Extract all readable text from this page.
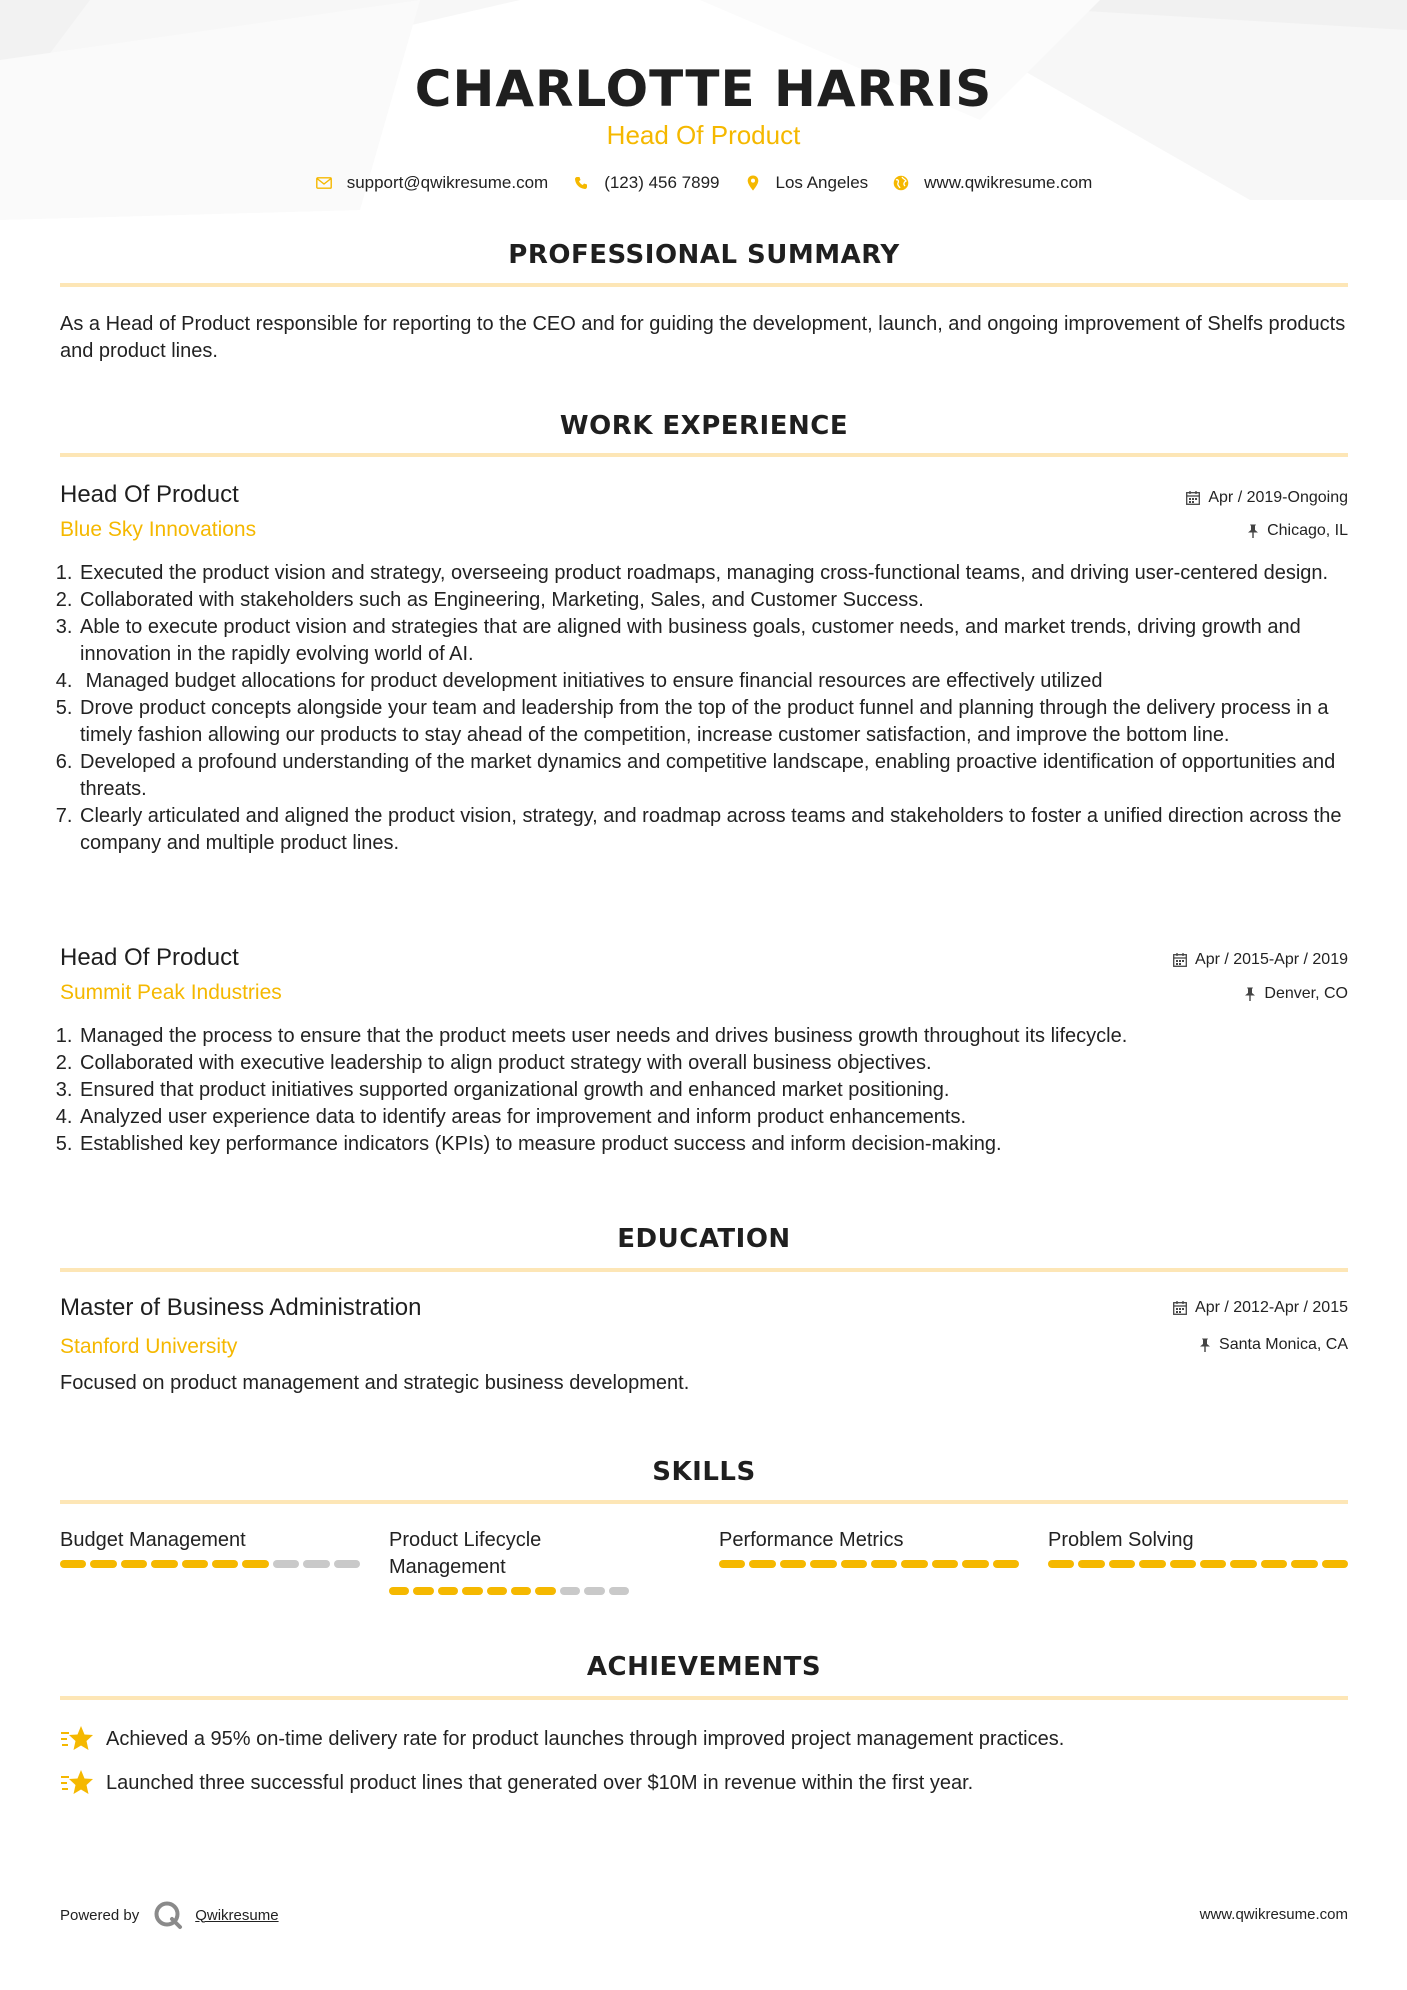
CHARLOTTE HARRIS
Head Of Product
support@qwikresume.com	(123) 456 7899	Los Angeles	www.qwikresume.com
PROFESSIONAL SUMMARY
As a Head of Product responsible for reporting to the CEO and for guiding the development, launch, and ongoing improvement of Shelfs products and product lines.
WORK EXPERIENCE
Head Of Product	Apr / 2019-Ongoing
Blue Sky Innovations	Chicago, IL
1. Executed the product vision and strategy, overseeing product roadmaps, managing cross-functional teams, and driving user-centered design.
2. Collaborated with stakeholders such as Engineering, Marketing, Sales, and Customer Success.
3. Able to execute product vision and strategies that are aligned with business goals, customer needs, and market trends, driving growth and innovation in the rapidly evolving world of AI.
4.  Managed budget allocations for product development initiatives to ensure financial resources are effectively utilized
5. Drove product concepts alongside your team and leadership from the top of the product funnel and planning through the delivery process in a timely fashion allowing our products to stay ahead of the competition, increase customer satisfaction, and improve the bottom line.
6. Developed a profound understanding of the market dynamics and competitive landscape, enabling proactive identification of opportunities and threats.
7. Clearly articulated and aligned the product vision, strategy, and roadmap across teams and stakeholders to foster a unified direction across the company and multiple product lines.
Head Of Product	Apr / 2015-Apr / 2019
Summit Peak Industries	Denver, CO
1. Managed the process to ensure that the product meets user needs and drives business growth throughout its lifecycle.
2. Collaborated with executive leadership to align product strategy with overall business objectives.
3. Ensured that product initiatives supported organizational growth and enhanced market positioning.
4. Analyzed user experience data to identify areas for improvement and inform product enhancements.
5. Established key performance indicators (KPIs) to measure product success and inform decision-making.
EDUCATION
Master of Business Administration	Apr / 2012-Apr / 2015
Stanford University	Santa Monica, CA
Focused on product management and strategic business development.
SKILLS
Budget Management	Product Lifecycle Management
Performance Metrics	Problem Solving
ACHIEVEMENTS
Achieved a 95% on-time delivery rate for product launches through improved project management practices.
Launched three successful product lines that generated over $10M in revenue within the first year.
Powered by	Qwikresume	www.qwikresume.com
